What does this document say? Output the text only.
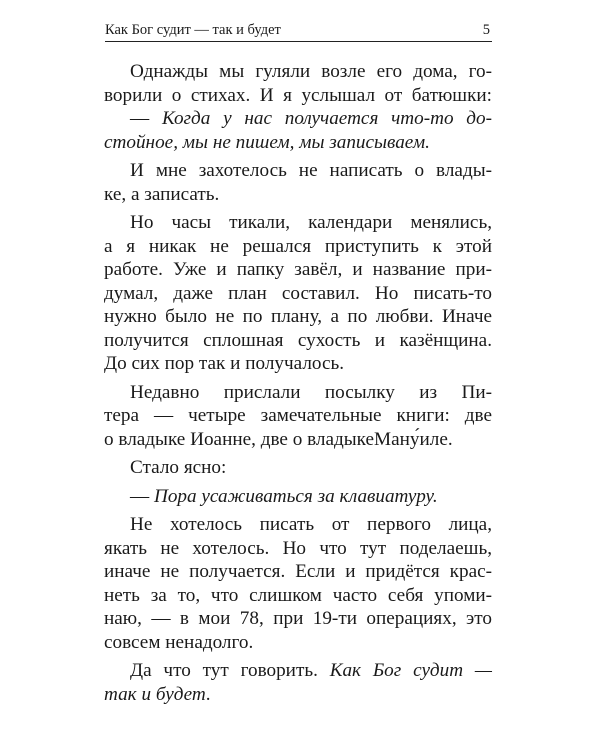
Как Бог судит — так и будет	5
Однажды мы гуляли возле его дома, го-
ворили о стихах. И я услышал от батюшки:
— Когда у нас получается что-то до-
стойное, мы не пишем, мы записываем.
И мне захотелось не написать о влады-
ке, а записать.
Но часы тикали, календари менялись,
а я никак не решался приступить к этой
работе. Уже и папку завёл, и название при-
думал, даже план составил. Но писать-то
нужно было не по плану, а по любви. Иначе
получится сплошная сухость и казёнщина.
До сих пор так и получалось.
Недавно прислали посылку из Пи-
тера — четыре замечательные книги: две
о владыке Иоанне, две о владыкеМану́иле.
Стало ясно:
— Пора усаживаться за клавиатуру.
Не хотелось писать от первого лица,
якать не хотелось. Но что тут поделаешь,
иначе не получается. Если и придётся крас-
неть за то, что слишком часто себя упоми-
наю, — в мои 78, при 19-ти операциях, это
совсем ненадолго.
Да что тут говорить. Как Бог судит —
так и будет.
